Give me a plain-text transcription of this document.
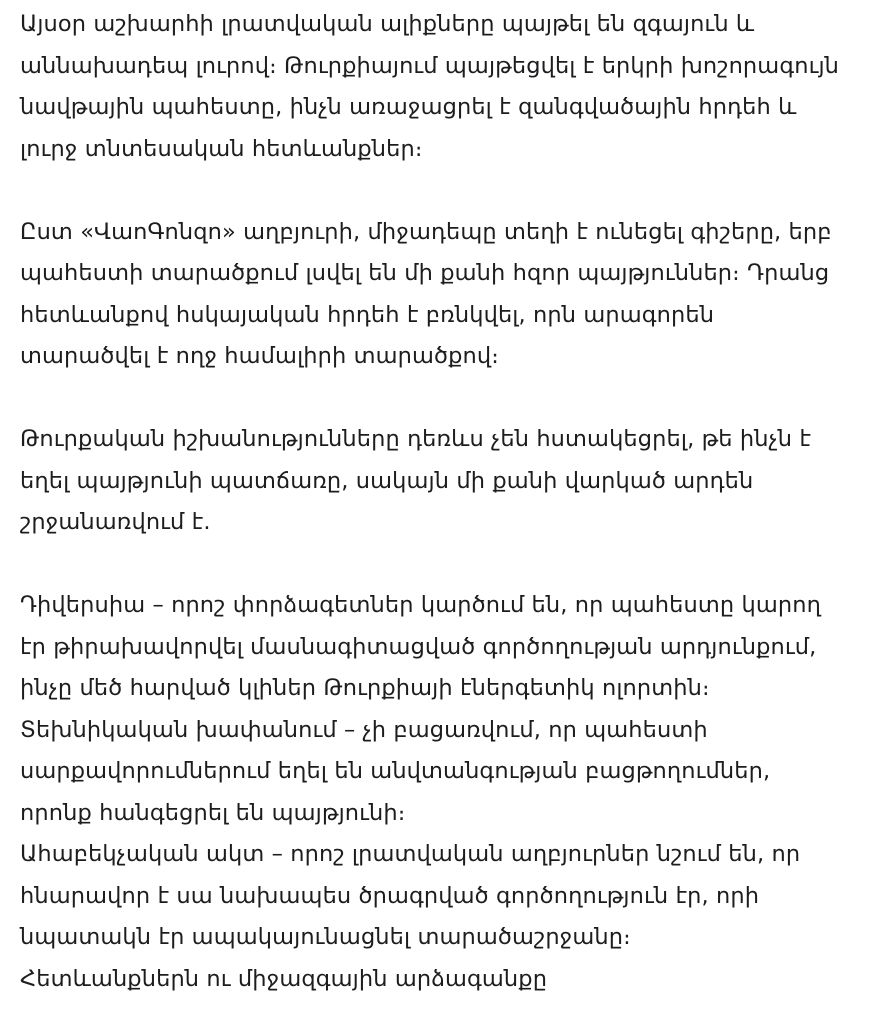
Այսօր աշխարհի լրատվական ալիքները պայթել են զգայուն և
աննախադեպ լուրով։ Թուրքիայում պայթեցվել է երկրի խոշորագույն
նավթային պահեստը, ինչն առաջացրել է զանգվածային հրդեհ և
լուրջ տնտեսական հետևանքներ։

Ըստ «ՎաոԳոնզո» աղբյուրի, միջադեպը տեղի է ունեցել գիշերը, երբ
պահեստի տարածքում լսվել են մի քանի հզոր պայթյուններ։ Դրանց
հետևանքով հսկայական հրդեհ է բռնկվել, որն արագորեն
տարածվել է ողջ համալիրի տարածքով։

Թուրքական իշխանությունները դեռևս չեն հստակեցրել, թե ինչն է
եղել պայթյունի պատճառը, սակայն մի քանի վարկած արդեն
շրջանառվում է.

Դիվերսիա – որոշ փորձագետներ կարծում են, որ պահեստը կարող
էր թիրախավորվել մասնագիտացված գործողության արդյունքում,
ինչը մեծ հարված կլիներ Թուրքիայի էներգետիկ ոլորտին։

Տեխնիկական խափանում – չի բացառվում, որ պահեստի
սարքավորումներում եղել են անվտանգության բացթողումներ,
որոնք հանգեցրել են պայթյունի։

Ահաբեկչական ակտ – որոշ լրատվական աղբյուրներ նշում են, որ
հնարավոր է սա նախապես ծրագրված գործողություն էր, որի
նպատակն էր ապակայունացնել տարածաշրջանը։

Հետևանքներն ու միջազգային արձագանքը
